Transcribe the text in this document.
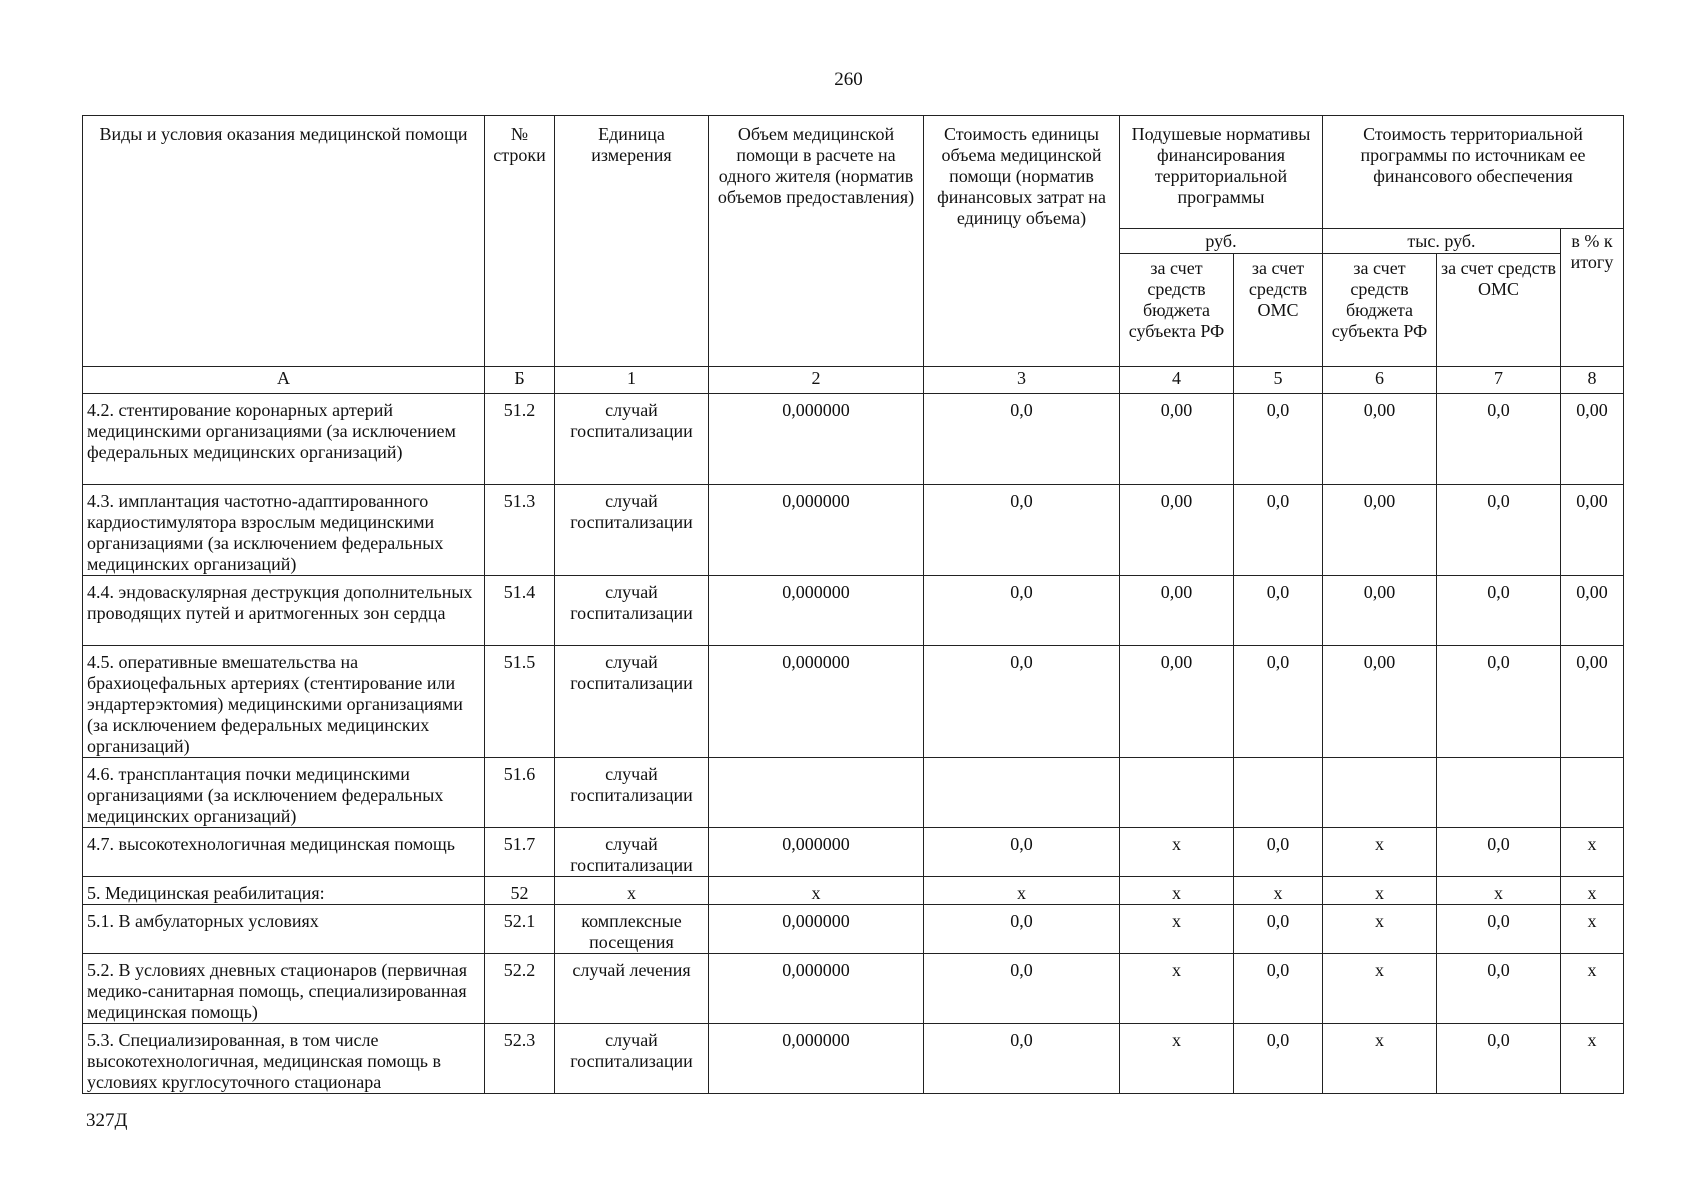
260
Виды и условия оказания медицинской помощи	№ строки	Единица измерения	Объем медицинской помощи в расчете на одного жителя (норматив объемов предоставления)	Стоимость единицы объема медицинской помощи (норматив финансовых затрат на единицу объема)	Подушевые нормативы финансирования территориальной программы		Стоимость территориальной программы по источникам ее финансового обеспечения		
					руб.		тыс. руб.		в % к итогу
					за счет средств бюджета субъекта РФ	за счет средств ОМС	за счет средств бюджета субъекта РФ	за счет средств ОМС	
А	Б	1	2	3	4	5	6	7	8
4.2. стентирование коронарных артерий медицинскими организациями (за исключением федеральных медицинских организаций)	51.2	случай госпитализации	0,000000	0,0	0,00	0,0	0,00	0,0	0,00
4.3. имплантация частотно-адаптированного кардиостимулятора взрослым медицинскими организациями (за исключением федеральных медицинских организаций)	51.3	случай госпитализации	0,000000	0,0	0,00	0,0	0,00	0,0	0,00
4.4. эндоваскулярная деструкция дополнительных проводящих путей и аритмогенных зон сердца	51.4	случай госпитализации	0,000000	0,0	0,00	0,0	0,00	0,0	0,00
4.5. оперативные вмешательства на брахиоцефальных артериях (стентирование или эндартерэктомия) медицинскими организациями (за исключением федеральных медицинских организаций)	51.5	случай госпитализации	0,000000	0,0	0,00	0,0	0,00	0,0	0,00
4.6. трансплантация почки медицинскими организациями (за исключением федеральных медицинских организаций)	51.6	случай госпитализации							
4.7. высокотехнологичная медицинская помощь	51.7	случай госпитализации	0,000000	0,0	х	0,0	х	0,0	х
5. Медицинская реабилитация:	52	х	х	х	х	х	х	х	х
5.1. В амбулаторных условиях	52.1	комплексные посещения	0,000000	0,0	х	0,0	х	0,0	х
5.2. В условиях дневных стационаров (первичная медико-санитарная помощь, специализированная медицинская помощь)	52.2	случай лечения	0,000000	0,0	х	0,0	х	0,0	х
5.3. Специализированная, в том числе высокотехнологичная, медицинская помощь в условиях круглосуточного стационара	52.3	случай госпитализации	0,000000	0,0	х	0,0	х	0,0	х
327Д
